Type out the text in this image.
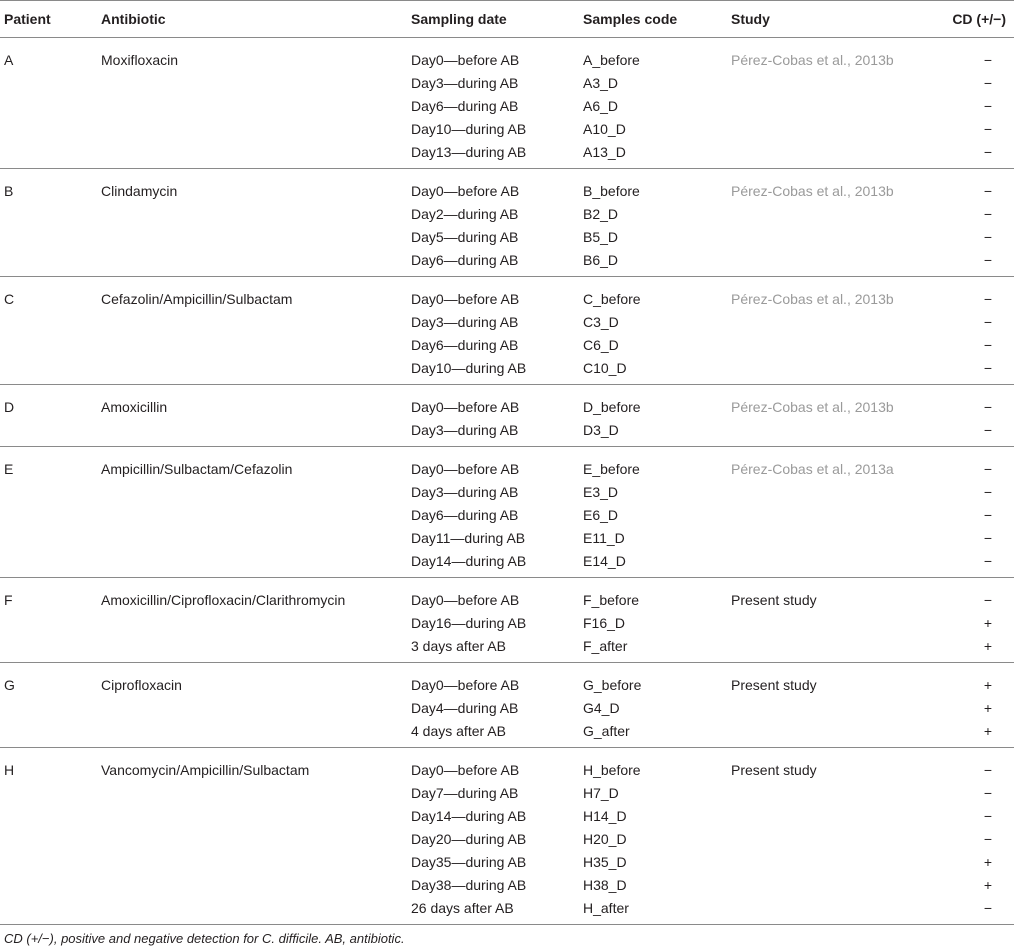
Patient	Antibiotic	Sampling date	Samples code	Study	CD (+/−)
A	Moxifloxacin	Day0—before AB	A_before	Pérez-Cobas et al., 2013b	−
		Day3—during AB	A3_D		−
		Day6—during AB	A6_D		−
		Day10—during AB	A10_D		−
		Day13—during AB	A13_D		−
B	Clindamycin	Day0—before AB	B_before	Pérez-Cobas et al., 2013b	−
		Day2—during AB	B2_D		−
		Day5—during AB	B5_D		−
		Day6—during AB	B6_D		−
C	Cefazolin/Ampicillin/Sulbactam	Day0—before AB	C_before	Pérez-Cobas et al., 2013b	−
		Day3—during AB	C3_D		−
		Day6—during AB	C6_D		−
		Day10—during AB	C10_D		−
D	Amoxicillin	Day0—before AB	D_before	Pérez-Cobas et al., 2013b	−
		Day3—during AB	D3_D		−
E	Ampicillin/Sulbactam/Cefazolin	Day0—before AB	E_before	Pérez-Cobas et al., 2013a	−
		Day3—during AB	E3_D		−
		Day6—during AB	E6_D		−
		Day11—during AB	E11_D		−
		Day14—during AB	E14_D		−
F	Amoxicillin/Ciprofloxacin/Clarithromycin	Day0—before AB	F_before	Present study	−
		Day16—during AB	F16_D		+
		3 days after AB	F_after		+
G	Ciprofloxacin	Day0—before AB	G_before	Present study	+
		Day4—during AB	G4_D		+
		4 days after AB	G_after		+
H	Vancomycin/Ampicillin/Sulbactam	Day0—before AB	H_before	Present study	−
		Day7—during AB	H7_D		−
		Day14—during AB	H14_D		−
		Day20—during AB	H20_D		−
		Day35—during AB	H35_D		+
		Day38—during AB	H38_D		+
		26 days after AB	H_after		−
CD (+/−), positive and negative detection for C. difficile. AB, antibiotic.
